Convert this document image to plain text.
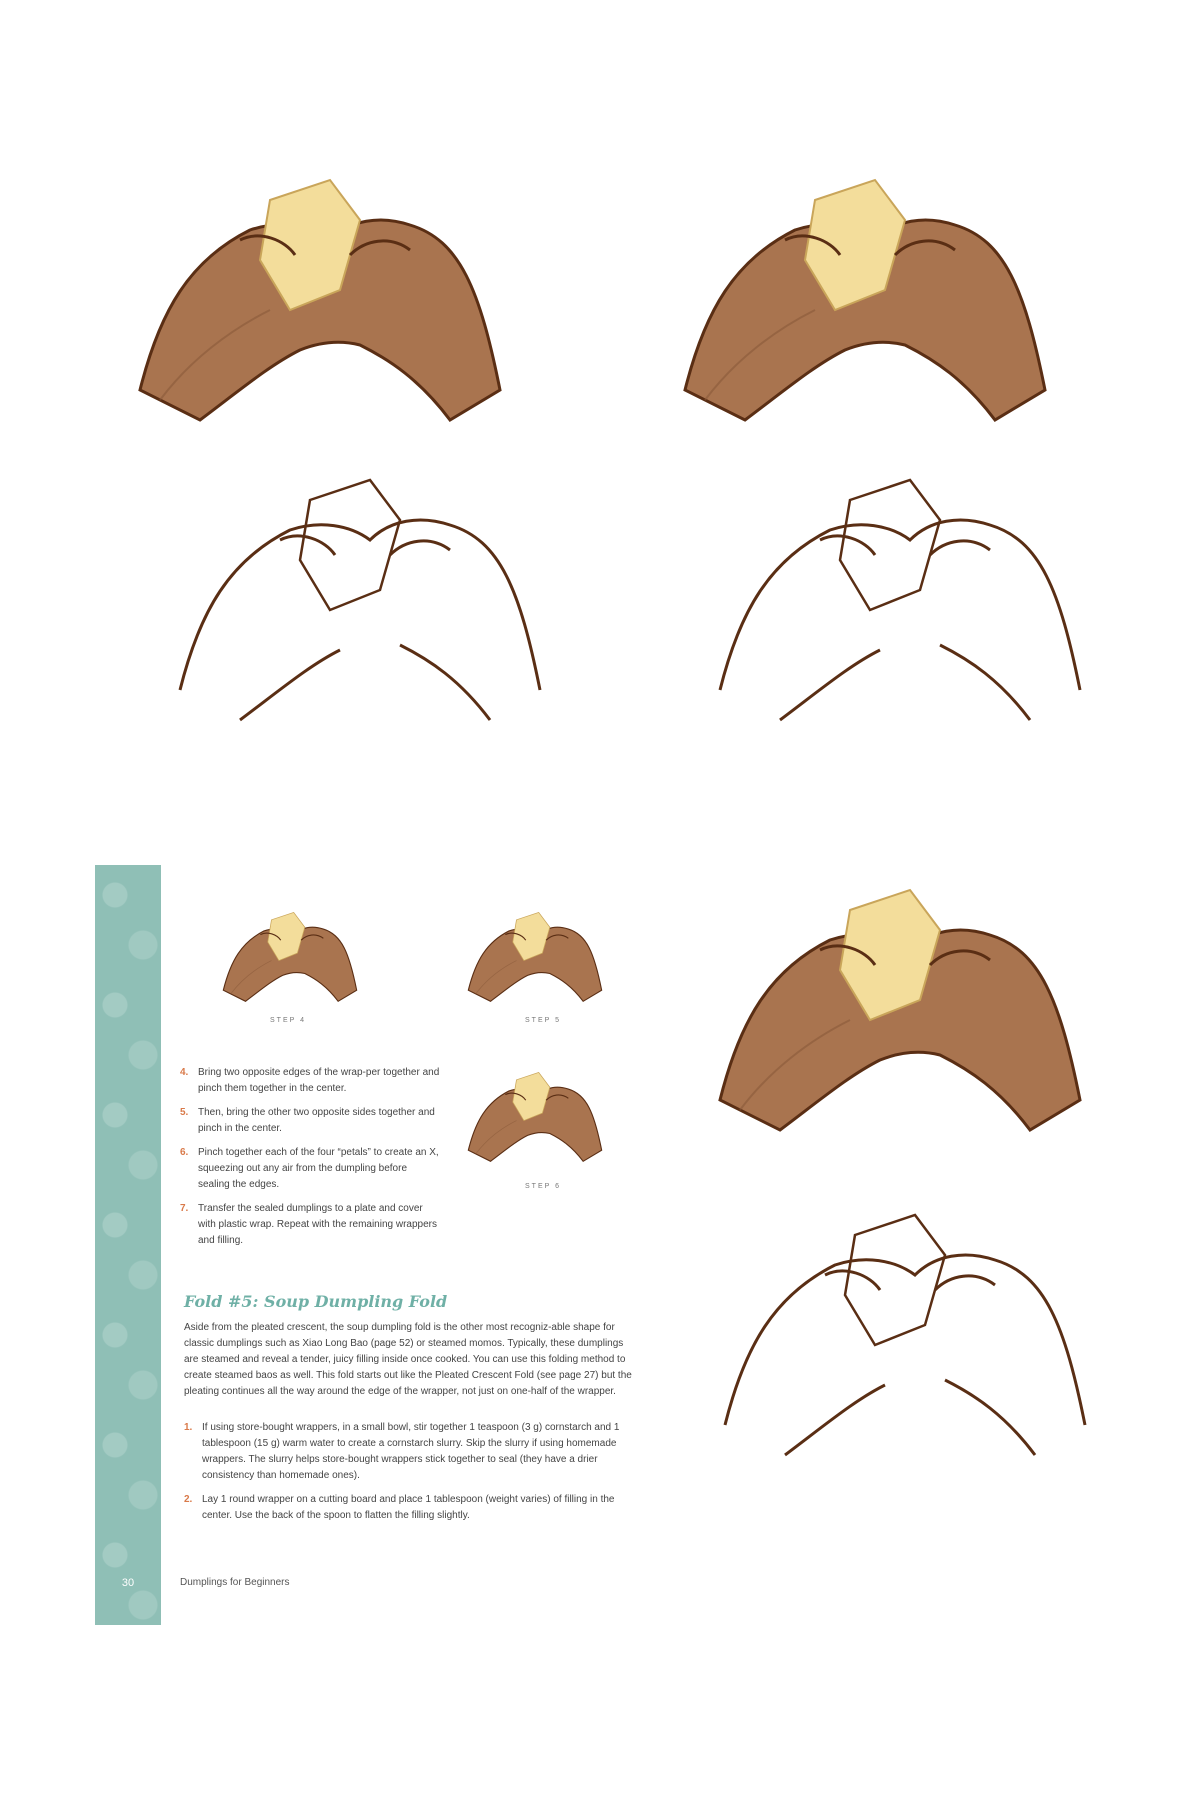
30
STEP 4	STEP 5
STEP 6
4. Bring two opposite edges of the wrap-per together and pinch them together in the center.
5. Then, bring the other two opposite sides together and pinch in the center.
6. Pinch together each of the four “petals” to create an X, squeezing out any air from the dumpling before sealing the edges.
7. Transfer the sealed dumplings to a plate and cover with plastic wrap. Repeat with the remaining wrappers and filling.
Fold #5: Soup Dumpling Fold

Aside from the pleated crescent, the soup dumpling fold is the other most recogniz-able shape for classic dumplings such as Xiao Long Bao (page 52) or steamed momos. Typically, these dumplings are steamed and reveal a tender, juicy filling inside once cooked. You can use this folding method to create steamed baos as well. This fold starts out like the Pleated Crescent Fold (see page 27) but the pleating continues all the way around the edge of the wrapper, not just on one-half of the wrapper.

1. If using store-bought wrappers, in a small bowl, stir together 1 teaspoon (3 g) cornstarch and 1 tablespoon (15 g) warm water to create a cornstarch slurry. Skip the slurry if using homemade wrappers. The slurry helps store-bought wrappers stick together to seal (they have a drier consistency than homemade ones).
2. Lay 1 round wrapper on a cutting board and place 1 tablespoon (weight varies) of filling in the center. Use the back of the spoon to flatten the filling slightly.
Dumplings for Beginners
